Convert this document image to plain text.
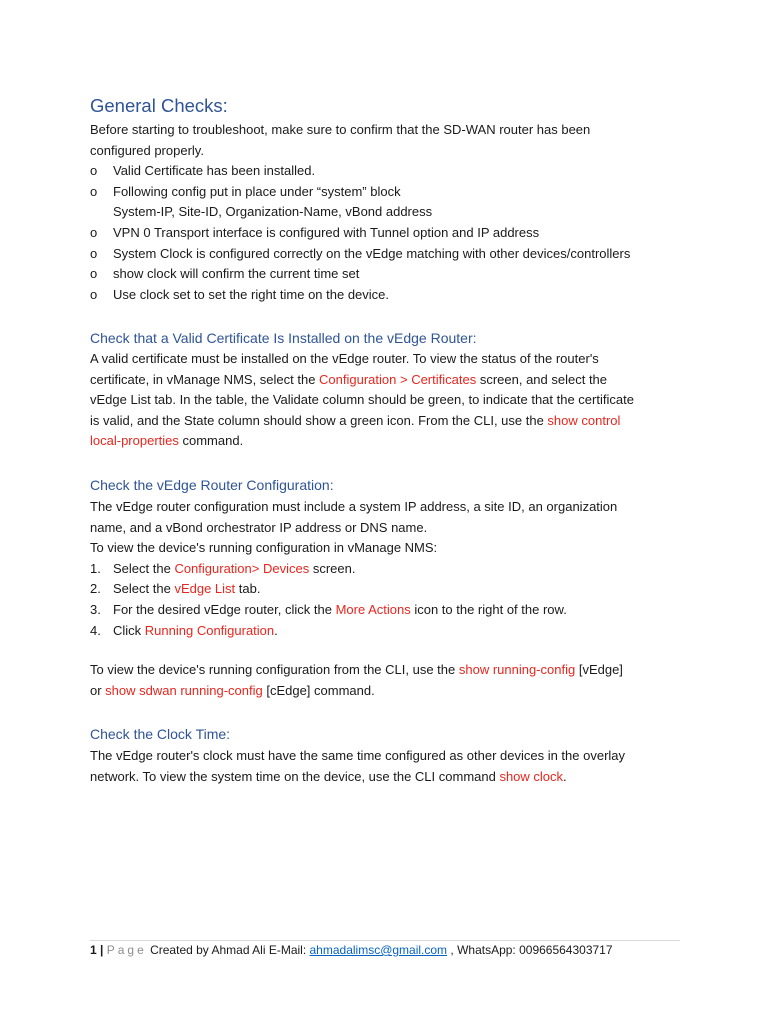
General Checks:
Before starting to troubleshoot, make sure to confirm that the SD-WAN router has been
configured properly.
o	Valid Certificate has been installed.
o	Following config put in place under “system” block
System-IP, Site-ID, Organization-Name, vBond address
o	VPN 0 Transport interface is configured with Tunnel option and IP address
o	System Clock is configured correctly on the vEdge matching with other devices/controllers
o	show clock will confirm the current time set
o	Use clock set to set the right time on the device.
Check that a Valid Certificate Is Installed on the vEdge Router:
A valid certificate must be installed on the vEdge router. To view the status of the router's
certificate, in vManage NMS, select the Configuration > Certificates screen, and select the
vEdge List tab. In the table, the Validate column should be green, to indicate that the certificate
is valid, and the State column should show a green icon. From the CLI, use the show control
local-properties command.
Check the vEdge Router Configuration:
The vEdge router configuration must include a system IP address, a site ID, an organization
name, and a vBond orchestrator IP address or DNS name.
To view the device's running configuration in vManage NMS:
1. Select the Configuration> Devices screen.
2. Select the vEdge List tab.
3. For the desired vEdge router, click the More Actions icon to the right of the row.
4. Click Running Configuration.
To view the device's running configuration from the CLI, use the show running-config [vEdge]
or show sdwan running-config [cEdge] command.
Check the Clock Time:
The vEdge router's clock must have the same time configured as other devices in the overlay
network. To view the system time on the device, use the CLI command show clock.
1 | Page Created by Ahmad Ali E-Mail: ahmadalimsc@gmail.com , WhatsApp: 00966564303717
